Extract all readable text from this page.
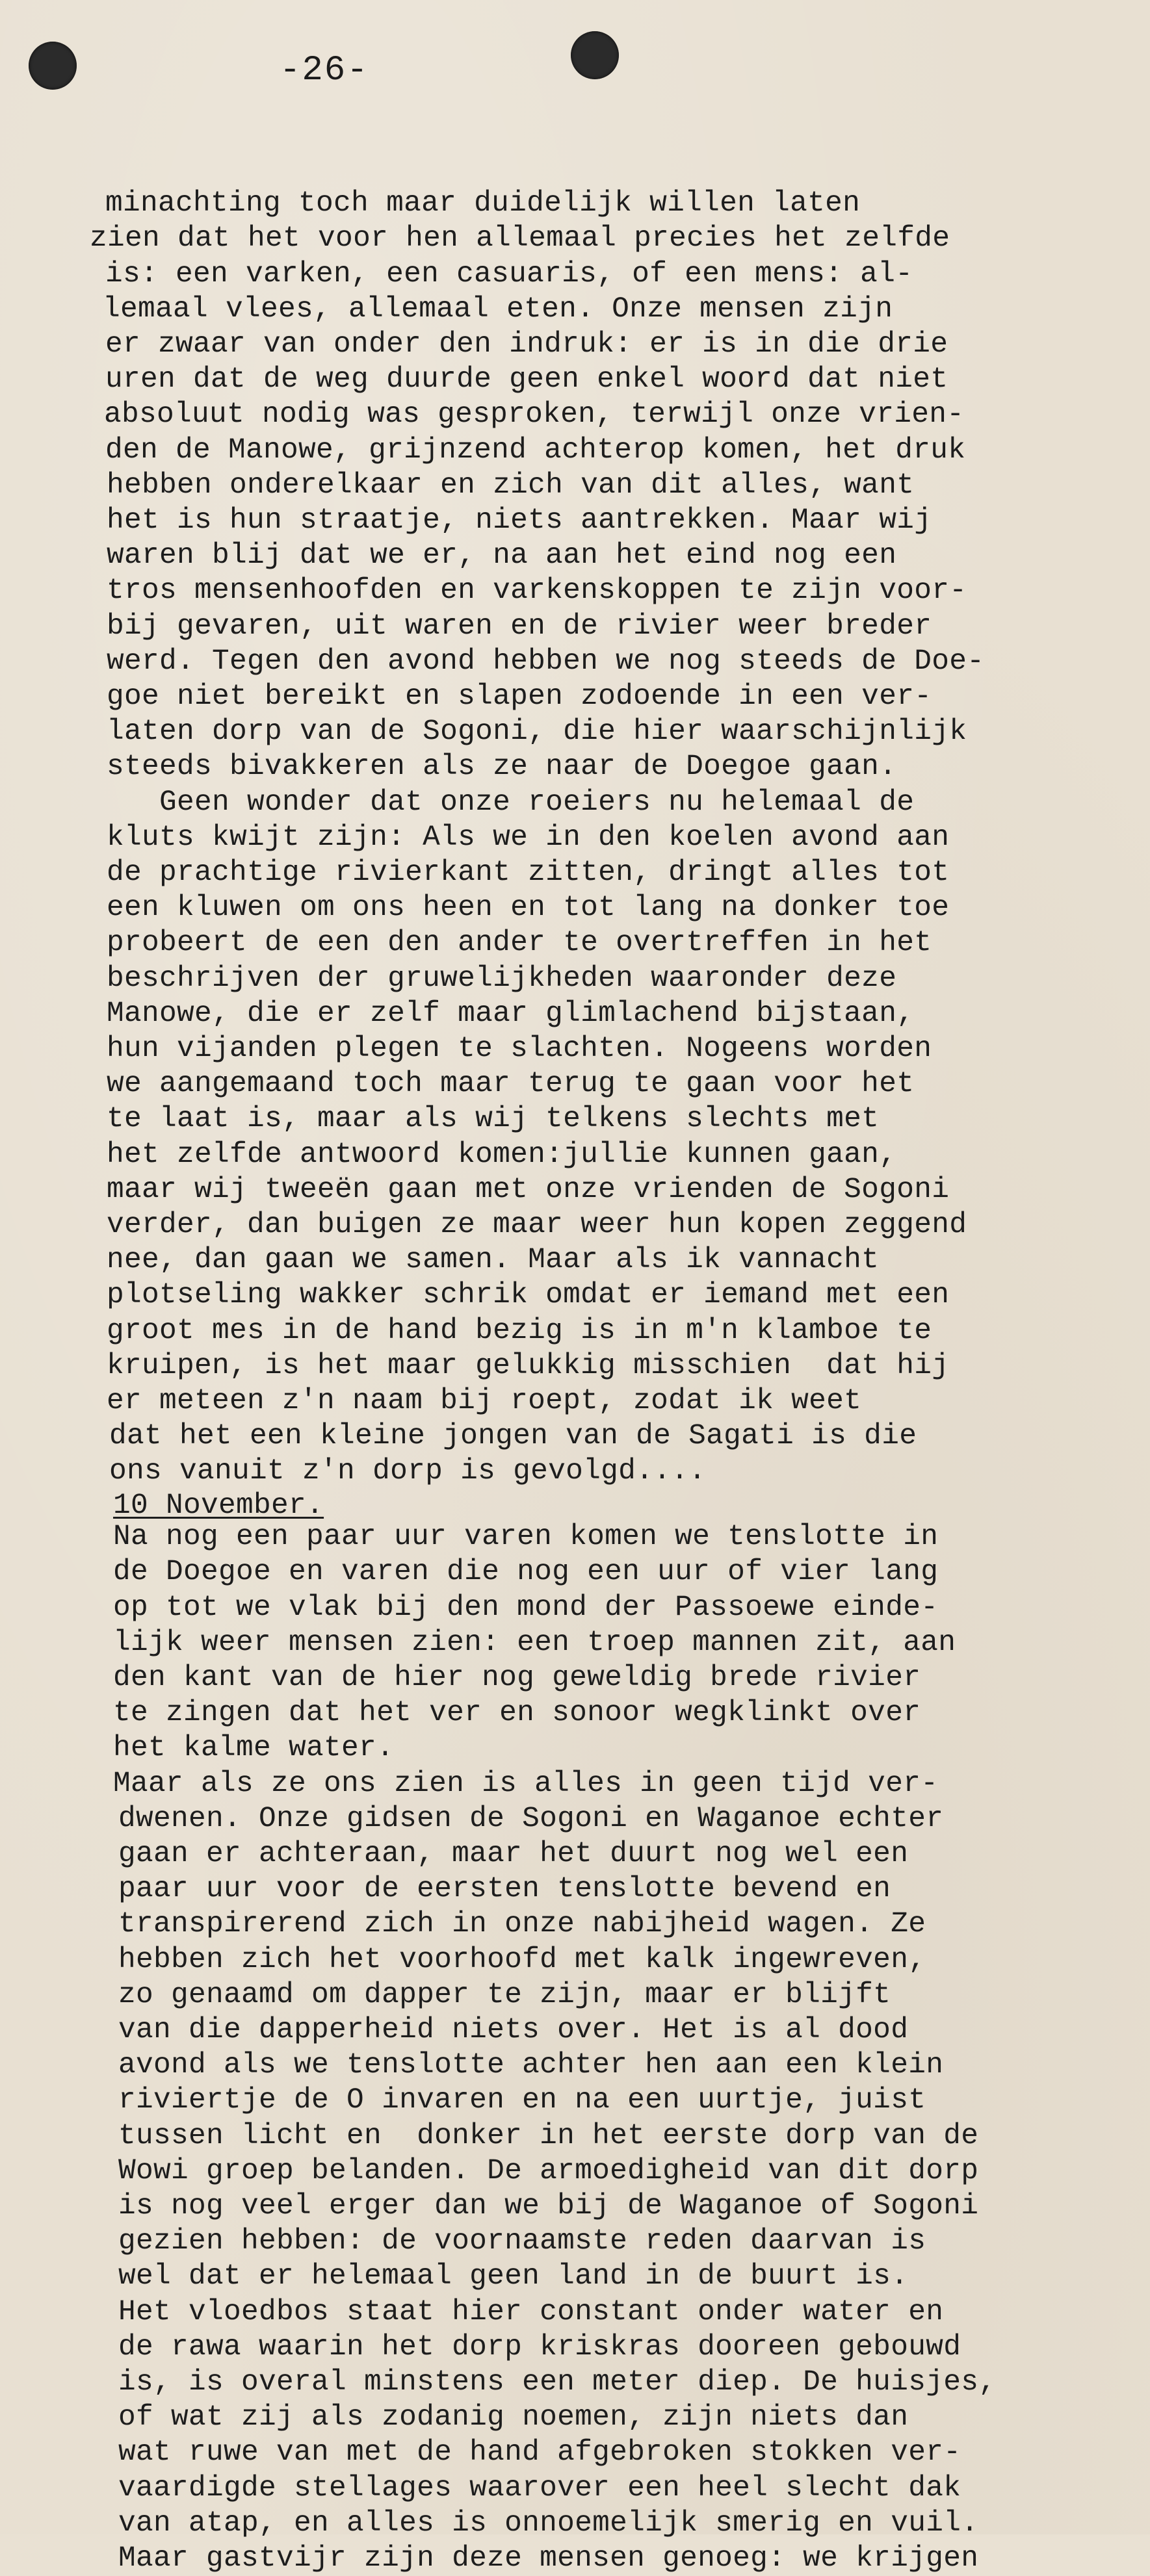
-26-
minachting toch maar duidelijk willen laten
zien dat het voor hen allemaal precies het zelfde
is: een varken, een casuaris, of een mens: al-
lemaal vlees, allemaal eten. Onze mensen zijn
er zwaar van onder den indruk: er is in die drie
uren dat de weg duurde geen enkel woord dat niet
absoluut nodig was gesproken, terwijl onze vrien-
den de Manowe, grijnzend achterop komen, het druk
hebben onderelkaar en zich van dit alles, want
het is hun straatje, niets aantrekken. Maar wij
waren blij dat we er, na aan het eind nog een
tros mensenhoofden en varkenskoppen te zijn voor-
bij gevaren, uit waren en de rivier weer breder
werd. Tegen den avond hebben we nog steeds de Doe-
goe niet bereikt en slapen zodoende in een ver-
laten dorp van de Sogoni, die hier waarschijnlijk
steeds bivakkeren als ze naar de Doegoe gaan.
Geen wonder dat onze roeiers nu helemaal de
kluts kwijt zijn: Als we in den koelen avond aan
de prachtige rivierkant zitten, dringt alles tot
een kluwen om ons heen en tot lang na donker toe
probeert de een den ander te overtreffen in het
beschrijven der gruwelijkheden waaronder deze
Manowe, die er zelf maar glimlachend bijstaan,
hun vijanden plegen te slachten. Nogeens worden
we aangemaand toch maar terug te gaan voor het
te laat is, maar als wij telkens slechts met
het zelfde antwoord komen:jullie kunnen gaan,
maar wij tweeën gaan met onze vrienden de Sogoni
verder, dan buigen ze maar weer hun kopen zeggend
nee, dan gaan we samen. Maar als ik vannacht
plotseling wakker schrik omdat er iemand met een
groot mes in de hand bezig is in m'n klamboe te
kruipen, is het maar gelukkig misschien  dat hij
er meteen z'n naam bij roept, zodat ik weet
dat het een kleine jongen van de Sagati is die
ons vanuit z'n dorp is gevolgd....
10 November.
Na nog een paar uur varen komen we tenslotte in
de Doegoe en varen die nog een uur of vier lang
op tot we vlak bij den mond der Passoewe einde-
lijk weer mensen zien: een troep mannen zit, aan
den kant van de hier nog geweldig brede rivier
te zingen dat het ver en sonoor wegklinkt over
het kalme water.
Maar als ze ons zien is alles in geen tijd ver-
dwenen. Onze gidsen de Sogoni en Waganoe echter
gaan er achteraan, maar het duurt nog wel een
paar uur voor de eersten tenslotte bevend en
transpirerend zich in onze nabijheid wagen. Ze
hebben zich het voorhoofd met kalk ingewreven,
zo genaamd om dapper te zijn, maar er blijft
van die dapperheid niets over. Het is al dood
avond als we tenslotte achter hen aan een klein
riviertje de O invaren en na een uurtje, juist
tussen licht en  donker in het eerste dorp van de
Wowi groep belanden. De armoedigheid van dit dorp
is nog veel erger dan we bij de Waganoe of Sogoni
gezien hebben: de voornaamste reden daarvan is
wel dat er helemaal geen land in de buurt is.
Het vloedbos staat hier constant onder water en
de rawa waarin het dorp kriskras dooreen gebouwd
is, is overal minstens een meter diep. De huisjes,
of wat zij als zodanig noemen, zijn niets dan
wat ruwe van met de hand afgebroken stokken ver-
vaardigde stellages waarover een heel slecht dak
van atap, en alles is onnoemelijk smerig en vuil.
Maar gastvijr zijn deze mensen genoeg: we krijgen
